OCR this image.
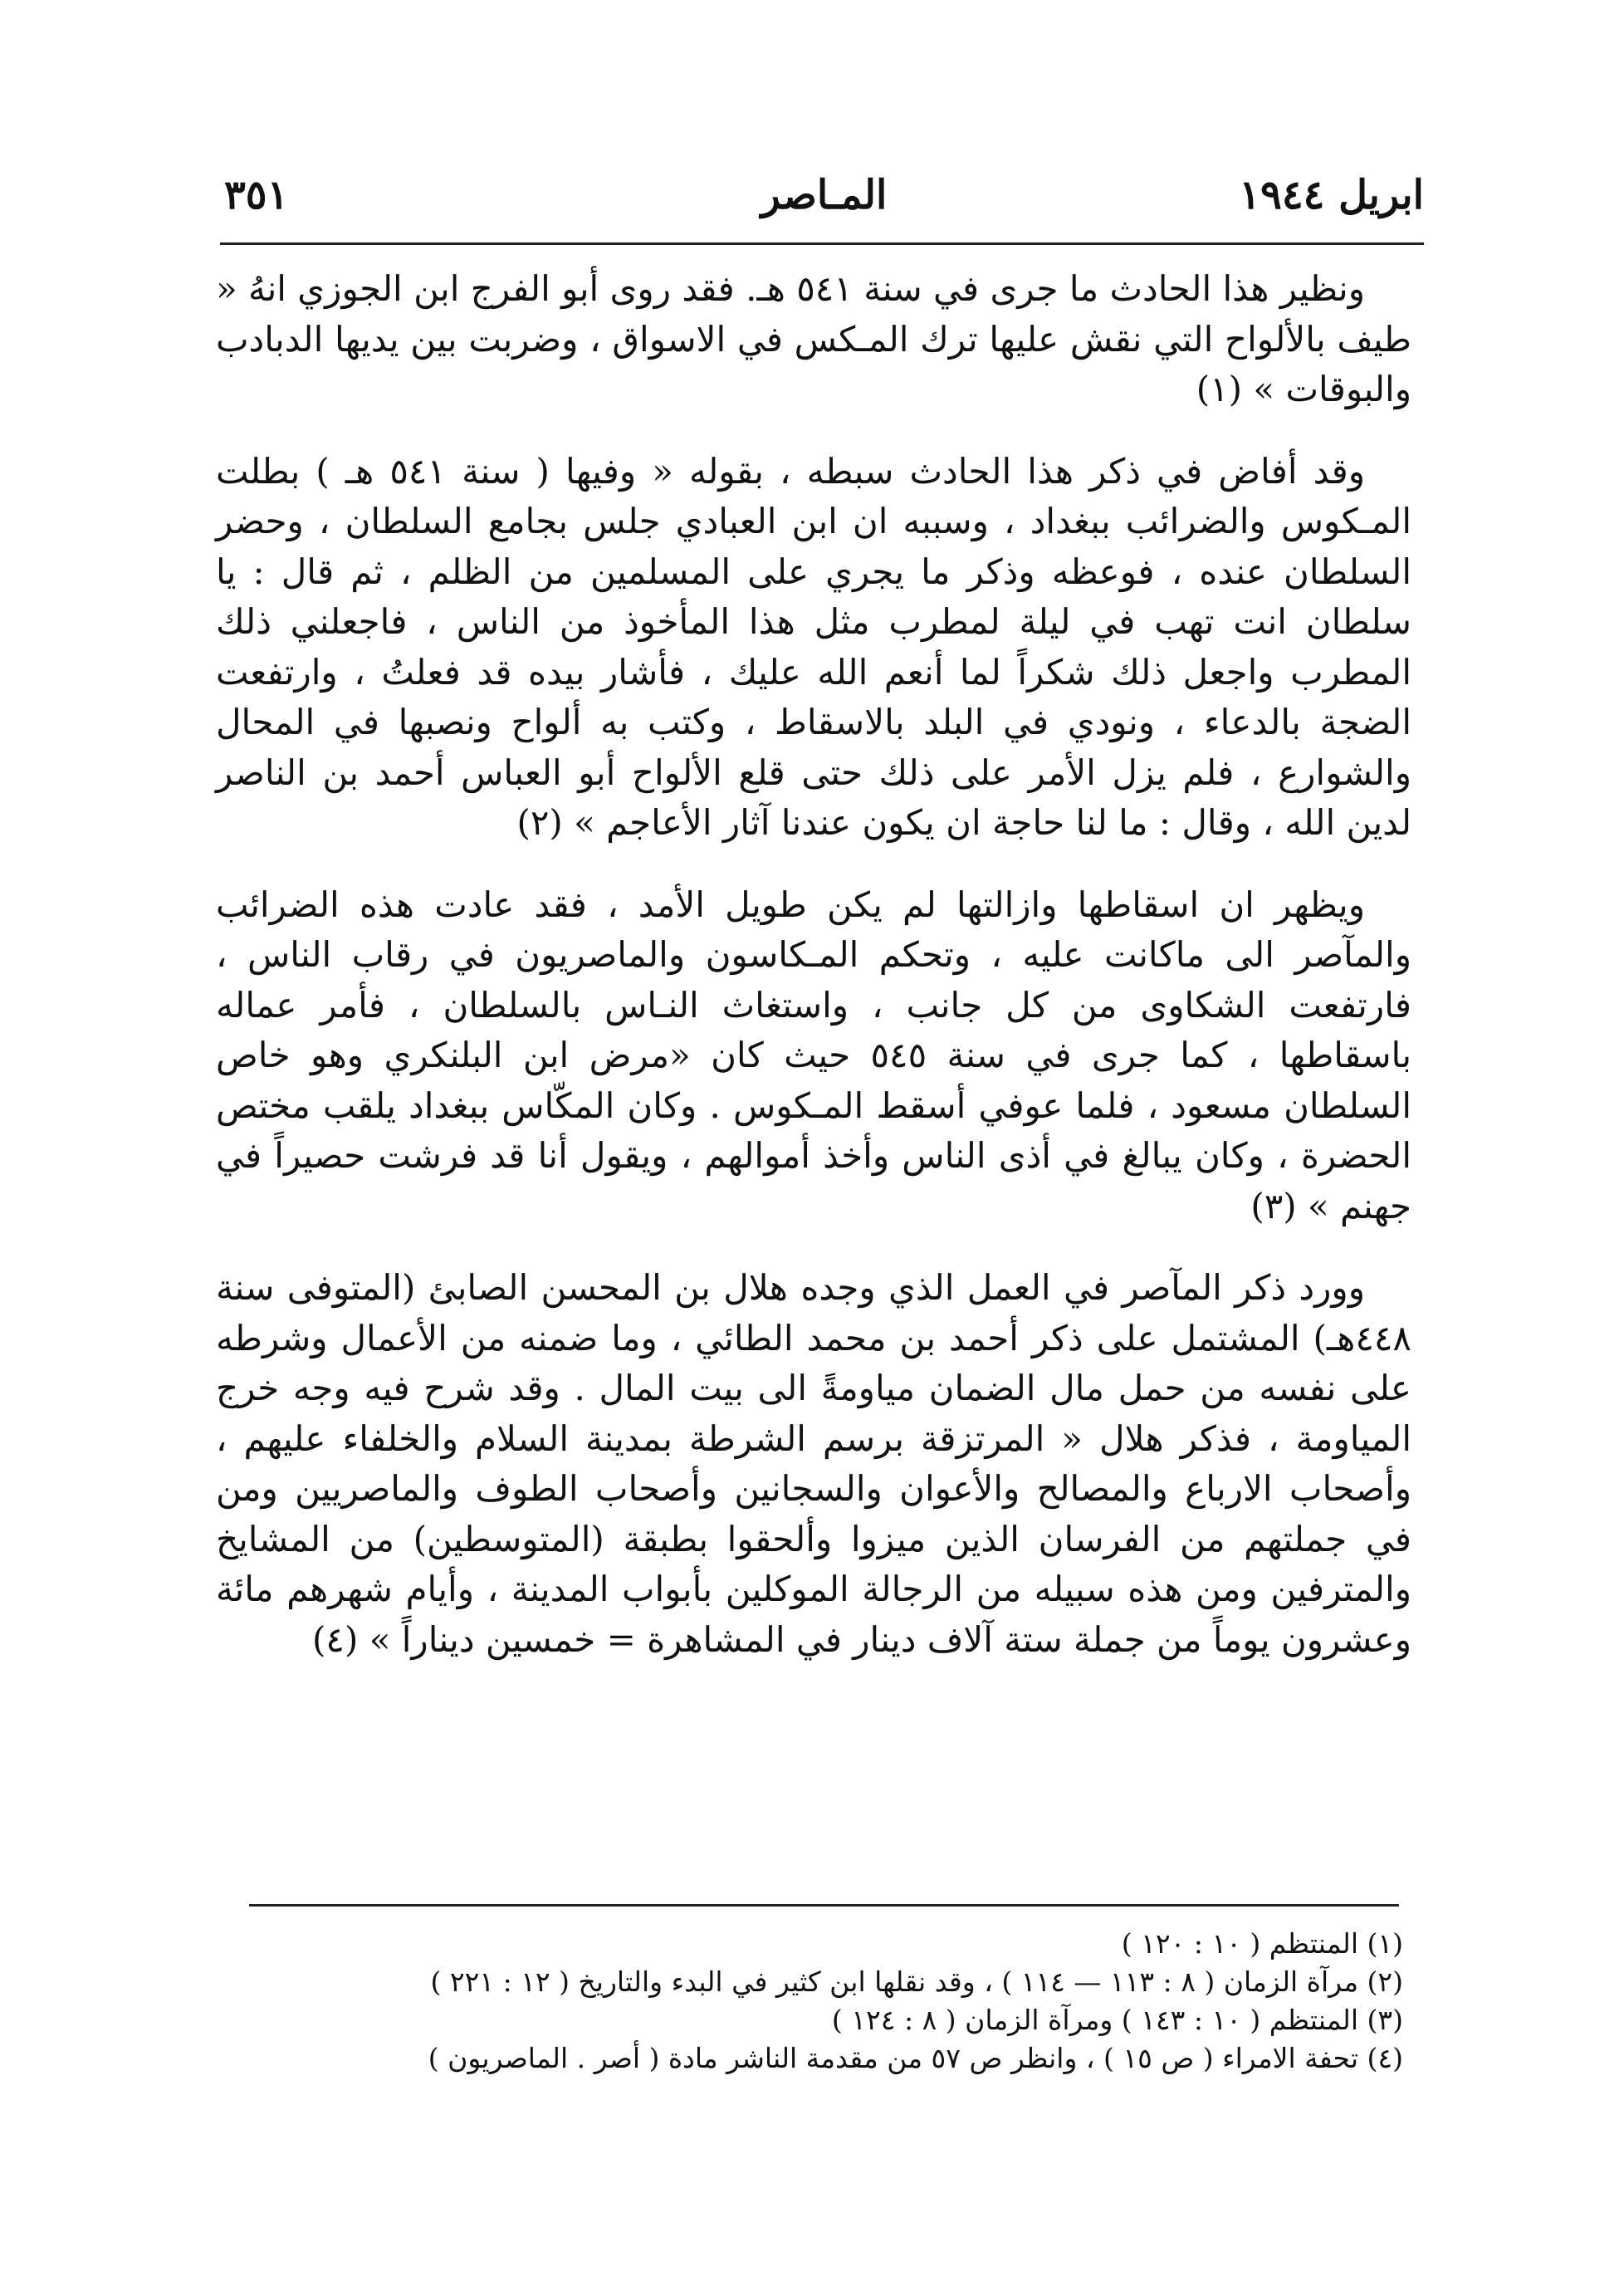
ابريل ١٩٤٤
المـاصر
٣٥١

ونظير هذا الحادث ما جرى في سنة ٥٤١ هـ. فقد روى أبو الفرج ابن الجوزي انهُ « طيف بالألواح التي نقش عليها ترك المـكس في الاسواق ، وضربت بين يديها الدبادب والبوقات » (١)

وقد أفاض في ذكر هذا الحادث سبطه ، بقوله « وفيها ( سنة ٥٤١ هـ ) بطلت المـكوس والضرائب ببغداد ، وسببه ان ابن العبادي جلس بجامع السلطان ، وحضر السلطان عنده ، فوعظه وذكر ما يجري على المسلمين من الظلم ، ثم قال : يا سلطان انت تهب في ليلة لمطرب مثل هذا المأخوذ من الناس ، فاجعلني ذلك المطرب واجعل ذلك شكراً لما أنعم الله عليك ، فأشار بيده قد فعلتُ ، وارتفعت الضجة بالدعاء ، ونودي في البلد بالاسقاط ، وكتب به ألواح ونصبها في المحال والشوارع ، فلم يزل الأمر على ذلك حتى قلع الألواح أبو العباس أحمد بن الناصر لدين الله ، وقال : ما لنا حاجة ان يكون عندنا آثار الأعاجم » (٢)

ويظهر ان اسقاطها وازالتها لم يكن طويل الأمد ، فقد عادت هذه الضرائب والمآصر الى ماكانت عليه ، وتحكم المـكاسون والماصريون في رقاب الناس ، فارتفعت الشكاوى من كل جانب ، واستغاث النـاس بالسلطان ، فأمر عماله باسقاطها ، كما جرى في سنة ٥٤٥ حيث كان «مرض ابن البلنكري وهو خاص السلطان مسعود ، فلما عوفي أسقط المـكوس . وكان المكّاس ببغداد يلقب مختص الحضرة ، وكان يبالغ في أذى الناس وأخذ أموالهم ، ويقول أنا قد فرشت حصيراً في جهنم » (٣)

وورد ذكر المآصر في العمل الذي وجده هلال بن المحسن الصابئ (المتوفى سنة ٤٤٨هـ) المشتمل على ذكر أحمد بن محمد الطائي ، وما ضمنه من الأعمال وشرطه على نفسه من حمل مال الضمان مياومةً الى بيت المال . وقد شرح فيه وجه خرج المياومة ، فذكر هلال « المرتزقة برسم الشرطة بمدينة السلام والخلفاء عليهم ، وأصحاب الارباع والمصالح والأعوان والسجانين وأصحاب الطوف والماصريين ومن في جملتهم من الفرسان الذين ميزوا وألحقوا بطبقة (المتوسطين) من المشايخ والمترفين ومن هذه سبيله من الرجالة الموكلين بأبواب المدينة ، وأيام شهرهم مائة وعشرون يوماً من جملة ستة آلاف دينار في المشاهرة = خمسين ديناراً » (٤)

(١) المنتظم ( ١٠ : ١٢٠ )
(٢) مرآة الزمان ( ٨ : ١١٣ — ١١٤ ) ، وقد نقلها ابن كثير في البدء والتاريخ ( ١٢ : ٢٢١ )
(٣) المنتظم ( ١٠ : ١٤٣ ) ومرآة الزمان ( ٨ : ١٢٤ )
(٤) تحفة الامراء ( ص ١٥ ) ، وانظر ص ٥٧ من مقدمة الناشر مادة ( أصر . الماصريون )
